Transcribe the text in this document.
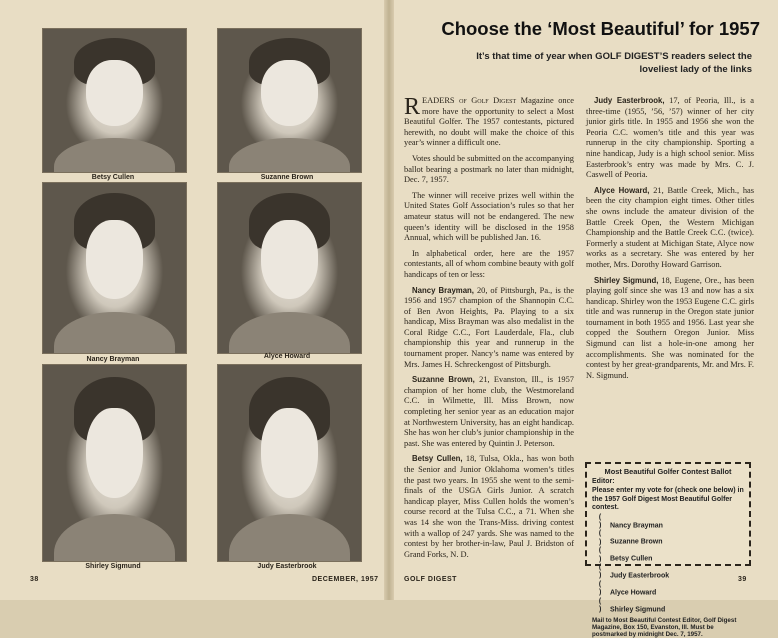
Betsy Cullen	Suzanne Brown
Nancy Brayman	Alyce Howard
Shirley Sigmund	Judy Easterbrook
38	DECEMBER, 1957
Choose the ‘Most Beautiful’ for 1957
It’s that time of year when GOLF DIGEST’S readers select the loveliest lady of the links

READERS of Golf Digest Magazine once more have the opportunity to select a Most Beautiful Golfer. The 1957 contestants, pictured herewith, no doubt will make the choice of this year’s winner a difficult one.

Votes should be submitted on the accompanying ballot bearing a postmark no later than midnight, Dec. 7, 1957.

The winner will receive prizes well within the United States Golf Association’s rules so that her amateur status will not be endangered. The new queen’s identity will be disclosed in the 1958 Annual, which will be published Jan. 16.

In alphabetical order, here are the 1957 contestants, all of whom combine beauty with golf handicaps of ten or less:

Nancy Brayman, 20, of Pittsburgh, Pa., is the 1956 and 1957 champion of the Shannopin C.C. of Ben Avon Heights, Pa. Playing to a six handicap, Miss Brayman was also medalist in the Coral Ridge C.C., Fort Lauderdale, Fla., club championship this year and runnerup in the tournament proper. Nancy’s name was entered by Mrs. James H. Schreckengost of Pittsburgh.

Suzanne Brown, 21, Evanston, Ill., is 1957 champion of her home club, the Westmoreland C.C. in Wilmette, Ill. Miss Brown, now completing her senior year as an education major at Northwestern University, has an eight handicap. She has won her club’s junior championship in the past. She was entered by Quintin J. Peterson.

Betsy Cullen, 18, Tulsa, Okla., has won both the Senior and Junior Oklahoma women’s titles the past two years. In 1955 she went to the semi-finals of the USGA Girls Junior. A scratch handicap player, Miss Cullen holds the women’s course record at the Tulsa C.C., a 71. When she was 14 she won the Trans-Miss. driving contest with a wallop of 247 yards. She was named to the contest by her brother-in-law, Paul J. Bridston of Grand Forks, N. D.

Judy Easterbrook, 17, of Peoria, Ill., is a three-time (1955, ’56, ’57) winner of her city junior girls title. In 1955 and 1956 she won the Peoria C.C. women’s title and this year was runnerup in the city championship. Sporting a nine handicap, Judy is a high school senior. Miss Easterbrook’s entry was made by Mrs. C. J. Caswell of Peoria.

Alyce Howard, 21, Battle Creek, Mich., has been the city champion eight times. Other titles she owns include the amateur division of the Battle Creek Open, the Western Michigan Championship and the Battle Creek C.C. (twice). Formerly a student at Michigan State, Alyce now works as a secretary. She was entered by her mother, Mrs. Dorothy Howard Garrison.

Shirley Sigmund, 18, Eugene, Ore., has been playing golf since she was 13 and now has a six handicap. Shirley won the 1953 Eugene C.C. girls title and was runnerup in the Oregon state junior tournament in both 1955 and 1956. Last year she copped the Southern Oregon Junior. Miss Sigmund can list a hole-in-one among her accomplishments. She was nominated for the contest by her great-grandparents, Mr. and Mrs. F. N. Sigmund.

Most Beautiful Golfer Contest Ballot
Editor:
Please enter my vote for (check one below) in the 1957 Golf Digest Most Beautiful Golfer contest.
( ) Nancy Brayman
( ) Suzanne Brown
( ) Betsy Cullen
( ) Judy Easterbrook
( ) Alyce Howard
( ) Shirley Sigmund
Mail to Most Beautiful Contest Editor, Golf Digest Magazine, Box 150, Evanston, Ill. Must be postmarked by midnight Dec. 7, 1957.
GOLF DIGEST	39
